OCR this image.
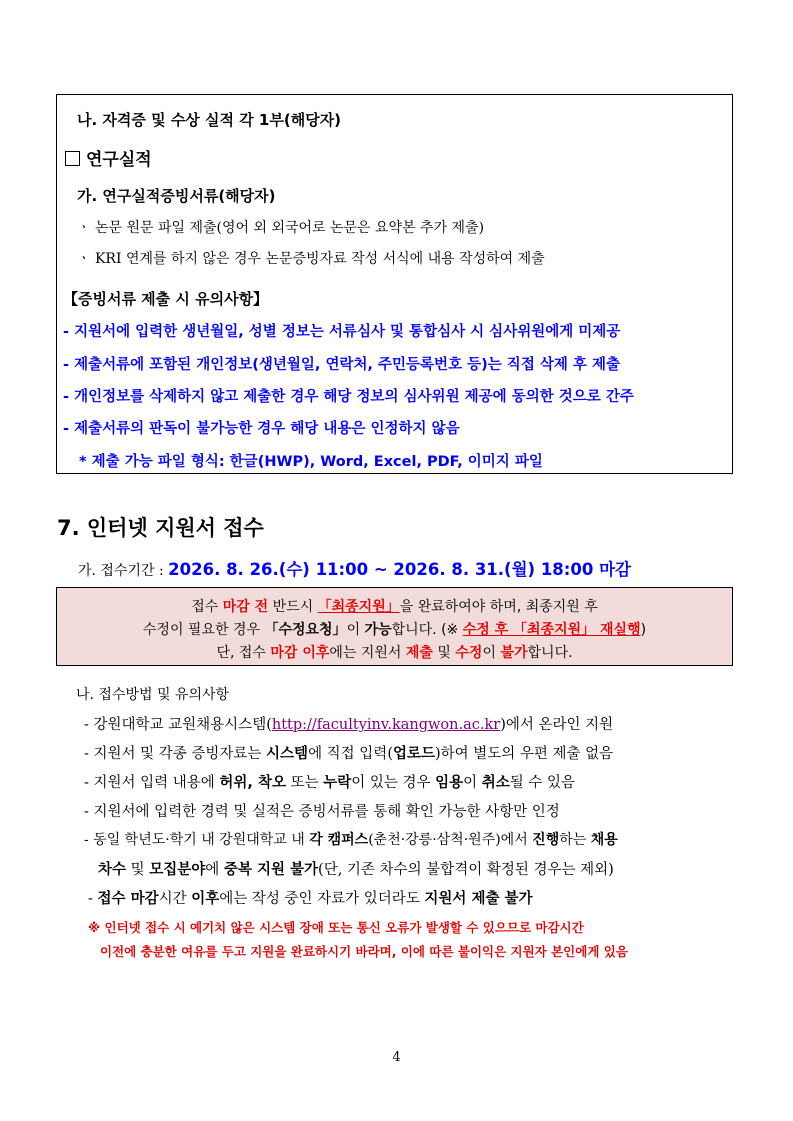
나. 자격증 및 수상 실적 각 1부(해당자)
연구실적
가. 연구실적증빙서류(해당자)
ㆍ 논문 원문 파일 제출(영어 외 외국어로 논문은 요약본 추가 제출)
ㆍ KRI 연계를 하지 않은 경우 논문증빙자료 작성 서식에 내용 작성하여 제출
【증빙서류 제출 시 유의사항】
- 지원서에 입력한 생년월일, 성별 정보는 서류심사 및 통합심사 시 심사위원에게 미제공
- 제출서류에 포함된 개인정보(생년월일, 연락처, 주민등록번호 등)는 직접 삭제 후 제출
- 개인정보를 삭제하지 않고 제출한 경우 해당 정보의 심사위원 제공에 동의한 것으로 간주
- 제출서류의 판독이 불가능한 경우 해당 내용은 인정하지 않음
* 제출 가능 파일 형식: 한글(HWP), Word, Excel, PDF, 이미지 파일
7. 인터넷 지원서 접수
가. 접수기간 : 2026. 8. 26.(수) 11:00 ~ 2026. 8. 31.(월) 18:00 마감
접수 마감 전 반드시 「최종지원」을 완료하여야 하며, 최종지원 후
수정이 필요한 경우 「수정요청」이 가능합니다. (※ 수정 후 「최종지원」 재실행)
단, 접수 마감 이후에는 지원서 제출 및 수정이 불가합니다.
나. 접수방법 및 유의사항
- 강원대학교 교원채용시스템(http://facultyinv.kangwon.ac.kr)에서 온라인 지원
- 지원서 및 각종 증빙자료는 시스템에 직접 입력(업로드)하여 별도의 우편 제출 없음
- 지원서 입력 내용에 허위, 착오 또는 누락이 있는 경우 임용이 취소될 수 있음
- 지원서에 입력한 경력 및 실적은 증빙서류를 통해 확인 가능한 사항만 인정
- 동일 학년도·학기 내 강원대학교 내 각 캠퍼스(춘천·강릉·삼척·원주)에서 진행하는 채용
차수 및 모집분야에 중복 지원 불가(단, 기존 차수의 불합격이 확정된 경우는 제외)
- 접수 마감시간 이후에는 작성 중인 자료가 있더라도 지원서 제출 불가
※ 인터넷 접수 시 예기치 않은 시스템 장애 또는 통신 오류가 발생할 수 있으므로 마감시간
이전에 충분한 여유를 두고 지원을 완료하시기 바라며, 이에 따른 불이익은 지원자 본인에게 있음
4
